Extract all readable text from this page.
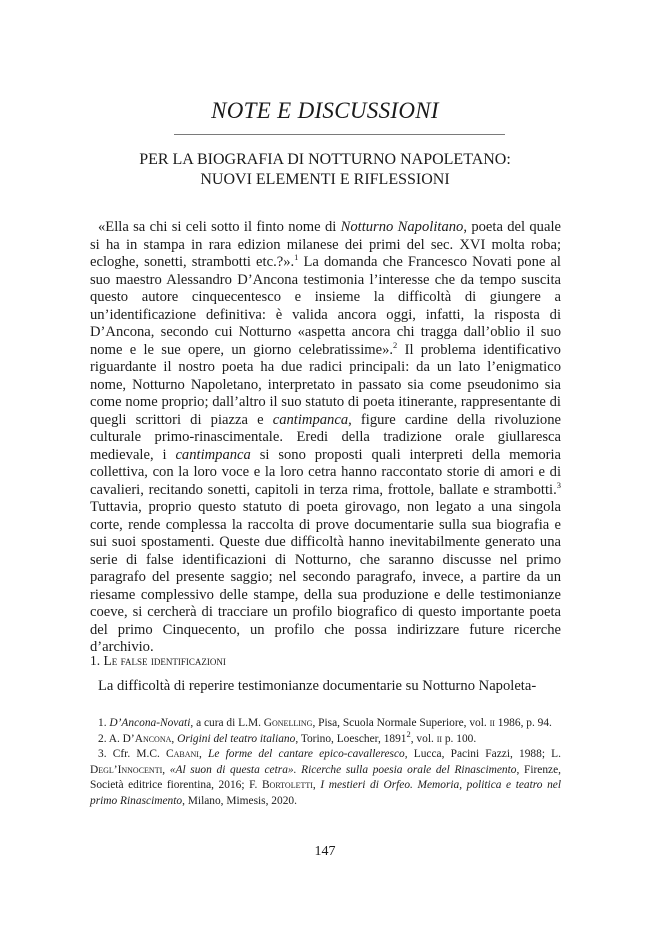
NOTE E DISCUSSIONI
PER LA BIOGRAFIA DI NOTTURNO NAPOLETANO:
NUOVI ELEMENTI E RIFLESSIONI

«Ella sa chi si celi sotto il finto nome di Notturno Napolitano, poeta del quale si ha in stampa in rara edizion milanese dei primi del sec. XVI molta roba; ecloghe, sonetti, strambotti etc.?».$^1$ La domanda che Francesco Novati pone al suo maestro Alessandro D’Ancona testimonia l’interesse che da tempo suscita questo autore cinquecentesco e insieme la difficoltà di giungere a un’identificazione definitiva: è valida ancora oggi, infatti, la risposta di D’Ancona, secondo cui Notturno «aspetta ancora chi tragga dall’oblio il suo nome e le sue opere, un giorno celebratissime».$^2$ Il problema identificativo riguardante il nostro poeta ha due radici principali: da un lato l’enigmatico nome, Notturno Napoletano, interpretato in passato sia come pseudonimo sia come nome proprio; dall’altro il suo statuto di poeta itinerante, rappresentante di quegli scrittori di piazza e cantimpanca, figure cardine della rivoluzione culturale primo-rinascimentale. Eredi della tradizione orale giullaresca medievale, i cantimpanca si sono proposti quali interpreti della memoria collettiva, con la loro voce e la loro cetra hanno raccontato storie di amori e di cavalieri, recitando sonetti, capitoli in terza rima, frottole, ballate e strambotti.$^3$ Tuttavia, proprio questo statuto di poeta girovago, non legato a una singola corte, rende complessa la raccolta di prove documentarie sulla sua biografia e sui suoi spostamenti. Queste due difficoltà hanno inevitabilmente generato una serie di false identificazioni di Notturno, che saranno discusse nel primo paragrafo del presente saggio; nel secondo paragrafo, invece, a partire da un riesame complessivo delle stampe, della sua produzione e delle testimonianze coeve, si cercherà di tracciare un profilo biografico di questo importante poeta del primo Cinquecento, un profilo che possa indirizzare future ricerche d’archivio.

1. Le false identificazioni
La difficoltà di reperire testimonianze documentarie su Notturno Napoleta-

1. D’Ancona-Novati, a cura di L.M. Gonelling, Pisa, Scuola Normale Superiore, vol. ii 1986, p. 94.

2. A. D’Ancona, Origini del teatro italiano, Torino, Loescher, 1891$^2$, vol. ii p. 100.

3. Cfr. M.C. Cabani, Le forme del cantare epico-cavalleresco, Lucca, Pacini Fazzi, 1988; L. Degl’Innocenti, «Al suon di questa cetra». Ricerche sulla poesia orale del Rinascimento, Firenze, Società editrice fiorentina, 2016; F. Bortoletti, I mestieri di Orfeo. Memoria, politica e teatro nel primo Rinascimento, Milano, Mimesis, 2020.

147
